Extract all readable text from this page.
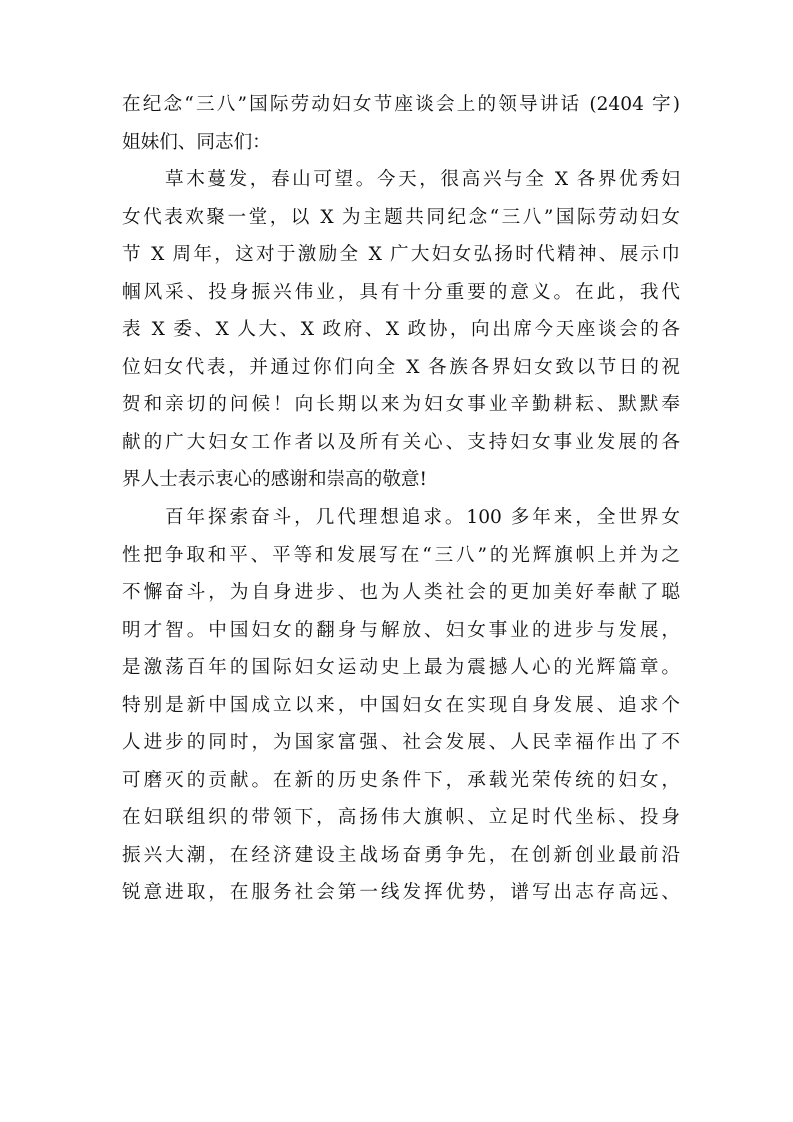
在纪念“三八”国际劳动妇女节座谈会上的领导讲话 (2404 字)
姐妹们、同志们：
草木蔓发，春山可望。今天，很高兴与全 X 各界优秀妇
女代表欢聚一堂，以 X 为主题共同纪念“三八”国际劳动妇女
节 X 周年，这对于激励全 X 广大妇女弘扬时代精神、展示巾
帼风采、投身振兴伟业，具有十分重要的意义。在此，我代
表 X 委、X 人大、X 政府、X 政协，向出席今天座谈会的各
位妇女代表，并通过你们向全 X 各族各界妇女致以节日的祝
贺和亲切的问候！向长期以来为妇女事业辛勤耕耘、默默奉
献的广大妇女工作者以及所有关心、支持妇女事业发展的各
界人士表示衷心的感谢和崇高的敬意!
百年探索奋斗，几代理想追求。100 多年来，全世界女
性把争取和平、平等和发展写在“三八”的光辉旗帜上并为之
不懈奋斗，为自身进步、也为人类社会的更加美好奉献了聪
明才智。中国妇女的翻身与解放、妇女事业的进步与发展，
是激荡百年的国际妇女运动史上最为震撼人心的光辉篇章。
特别是新中国成立以来，中国妇女在实现自身发展、追求个
人进步的同时，为国家富强、社会发展、人民幸福作出了不
可磨灭的贡献。在新的历史条件下，承载光荣传统的妇女，
在妇联组织的带领下，高扬伟大旗帜、立足时代坐标、投身
振兴大潮，在经济建设主战场奋勇争先，在创新创业最前沿
锐意进取，在服务社会第一线发挥优势，谱写出志存高远、
